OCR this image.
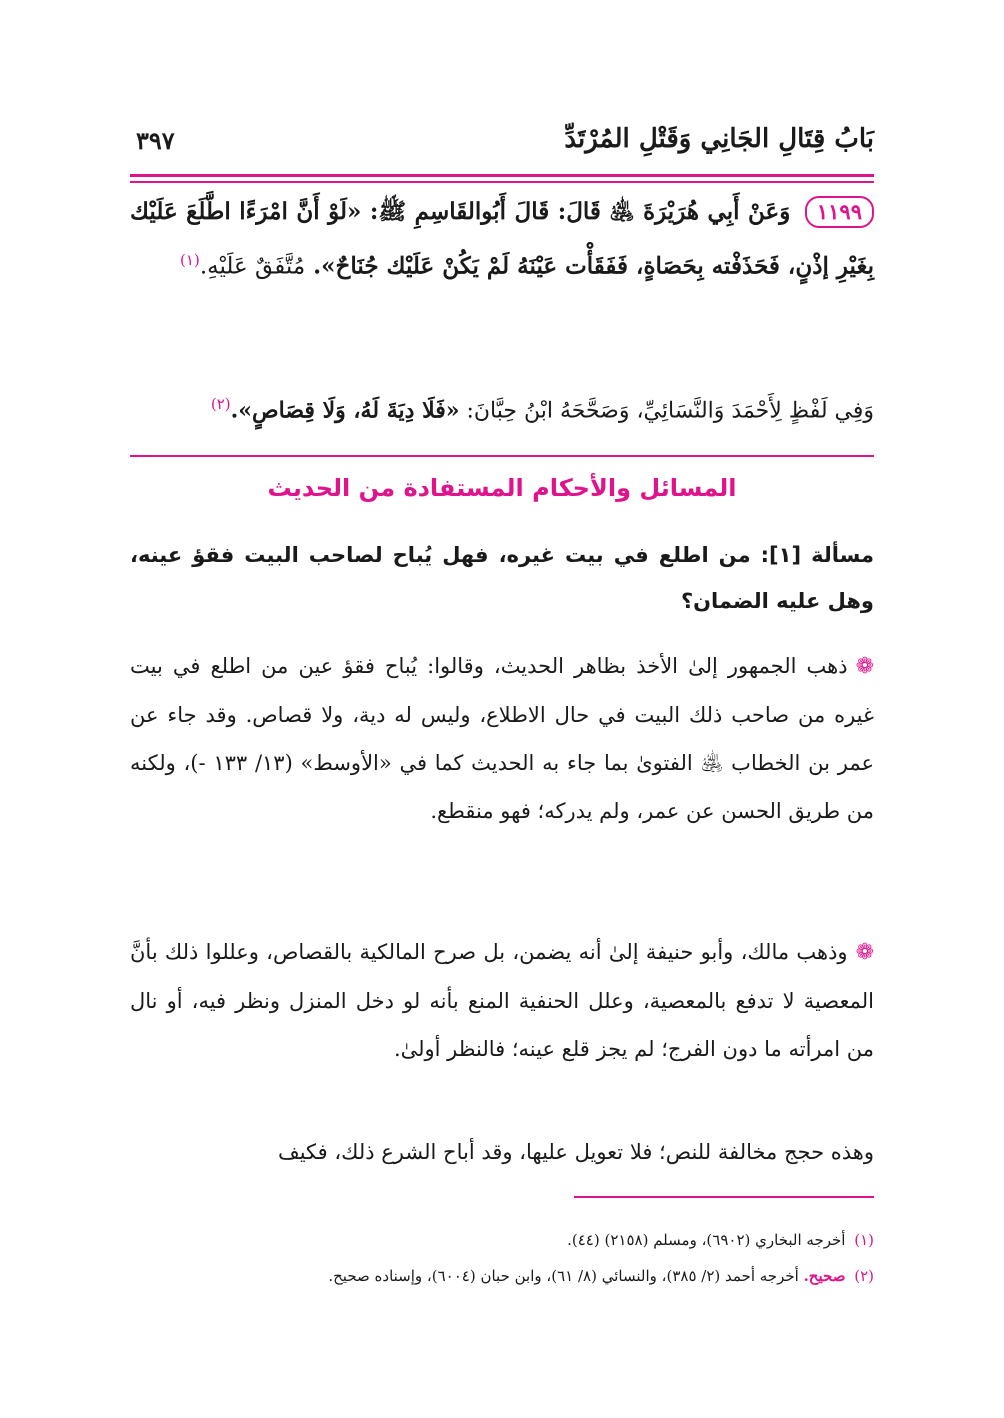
بَابُ قِتَالِ الجَانِي وَقَتْلِ المُرْتَدِّ
٣٩٧
١١٩٩ وَعَنْ أَبِي هُرَيْرَةَ ﵁ قَالَ: قَالَ أَبُوالقَاسِمِ ﷺ: «لَوْ أَنَّ امْرَءًا اطَّلَعَ عَلَيْك بِغَيْرِ إذْنٍ، فَحَذَفْته بِحَصَاةٍ، فَفَقَأْت عَيْنَهُ لَمْ يَكُنْ عَلَيْك جُنَاحٌ». مُتَّفَقٌ عَلَيْهِ.$^{(١)}$
وَفِي لَفْظٍ لِأَحْمَدَ وَالنَّسَائِيِّ، وَصَحَّحَهُ ابْنُ حِبَّانَ: «فَلَا دِيَةَ لَهُ، وَلَا قِصَاصٍ».$^{(٢)}$
المسائل والأحكام المستفادة من الحديث
مسألة [١]: من اطلع في بيت غيره، فهل يُباح لصاحب البيت فقؤ عينه، وهل عليه الضمان؟
❁ذهب الجمهور إلىٰ الأخذ بظاهر الحديث، وقالوا: يُباح فقؤ عين من اطلع في بيت غيره من صاحب ذلك البيت في حال الاطلاع، وليس له دية، ولا قصاص. وقد جاء عن عمر بن الخطاب ﵁ الفتوىٰ بما جاء به الحديث كما في «الأوسط» (١٣/ ١٣٣ -)، ولكنه من طريق الحسن عن عمر، ولم يدركه؛ فهو منقطع.
❁وذهب مالك، وأبو حنيفة إلىٰ أنه يضمن، بل صرح المالكية بالقصاص، وعللوا ذلك بأنَّ المعصية لا تدفع بالمعصية، وعلل الحنفية المنع بأنه لو دخل المنزل ونظر فيه، أو نال من امرأته ما دون الفرج؛ لم يجز قلع عينه؛ فالنظر أولىٰ.
وهذه حجج مخالفة للنص؛ فلا تعويل عليها، وقد أباح الشرع ذلك، فكيف
(١) أخرجه البخاري (٦٩٠٢)، ومسلم (٢١٥٨) (٤٤).
(٢) صحيح. أخرجه أحمد (٢/ ٣٨٥)، والنسائي (٨/ ٦١)، وابن حبان (٦٠٠٤)، وإسناده صحيح.
